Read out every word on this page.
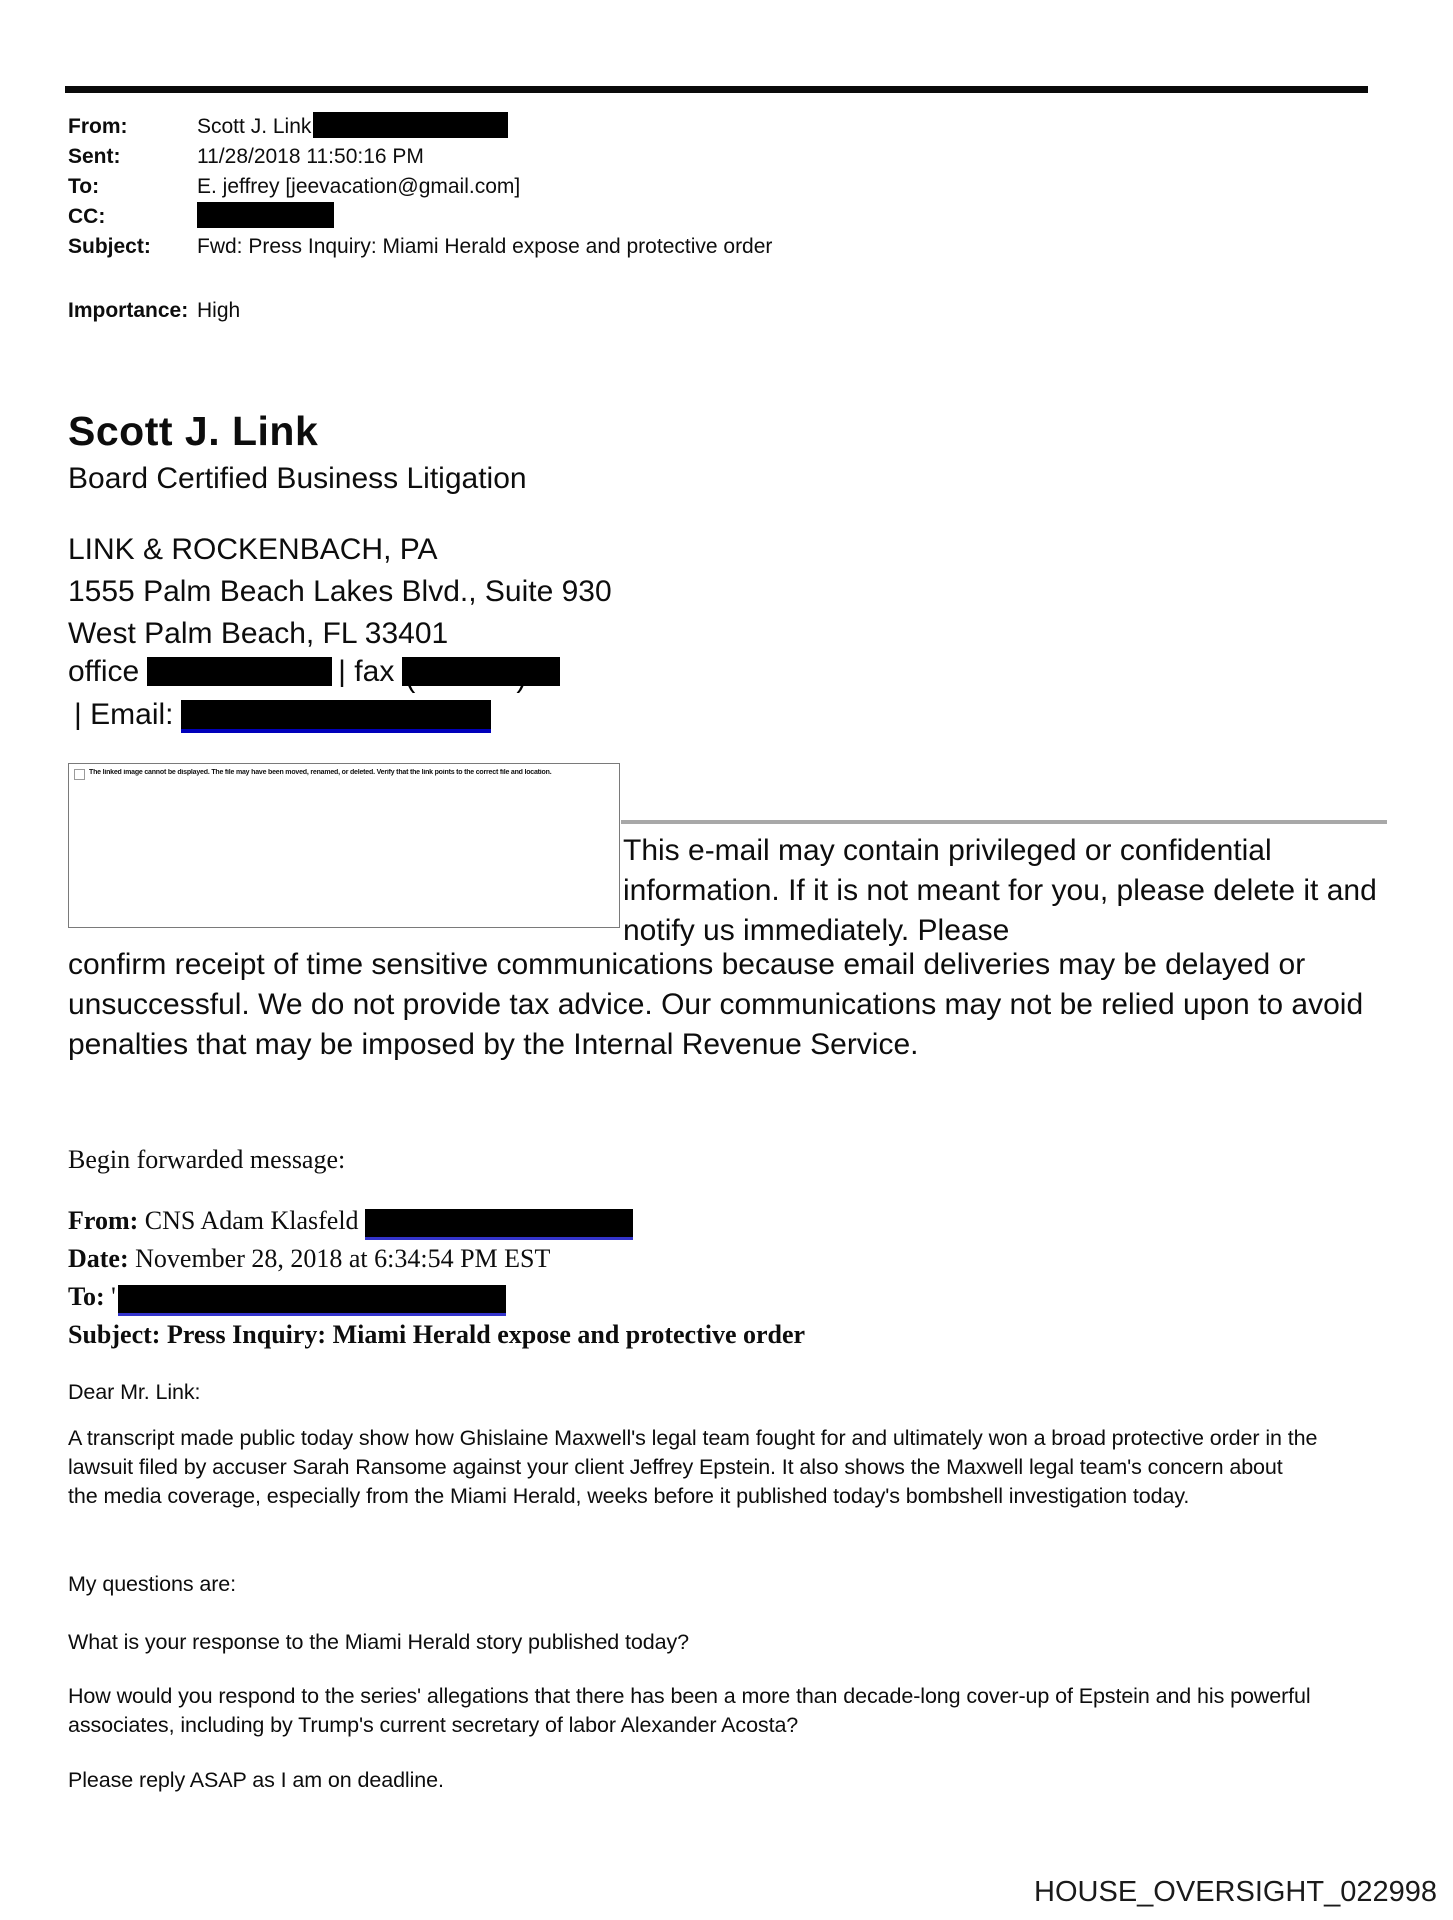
From:	Scott J. Link
Sent:	11/28/2018 11:50:16 PM
To:	E. jeffrey [jeevacation@gmail.com]
CC:
Subject:	Fwd: Press Inquiry: Miami Herald expose and protective order
Importance: High
Scott J. Link
Board Certified Business Litigation
LINK & ROCKENBACH, PA
1555 Palm Beach Lakes Blvd., Suite 930
West Palm Beach, FL 33401
office	| fax (	)
| Email:
The linked image cannot be displayed. The file may have been moved, renamed, or deleted. Verify that the link points to the correct file and location.
This e-mail may contain privileged or confidential information. If it is not meant for you, please delete it and notify us immediately. Please
confirm receipt of time sensitive communications because email deliveries may be delayed or unsuccessful. We do not provide tax advice. Our communications may not be relied upon to avoid penalties that may be imposed by the Internal Revenue Service.
Begin forwarded message:
From: CNS Adam Klasfeld
Date: November 28, 2018 at 6:34:54 PM EST
To: '
Subject: Press Inquiry: Miami Herald expose and protective order
Dear Mr. Link:
A transcript made public today show how Ghislaine Maxwell's legal team fought for and ultimately won a broad protective order in the lawsuit filed by accuser Sarah Ransome against your client Jeffrey Epstein. It also shows the Maxwell legal team's concern about the media coverage, especially from the Miami Herald, weeks before it published today's bombshell investigation today.
My questions are:
What is your response to the Miami Herald story published today?
How would you respond to the series' allegations that there has been a more than decade-long cover-up of Epstein and his powerful associates, including by Trump's current secretary of labor Alexander Acosta?
Please reply ASAP as I am on deadline.
HOUSE_OVERSIGHT_022998
